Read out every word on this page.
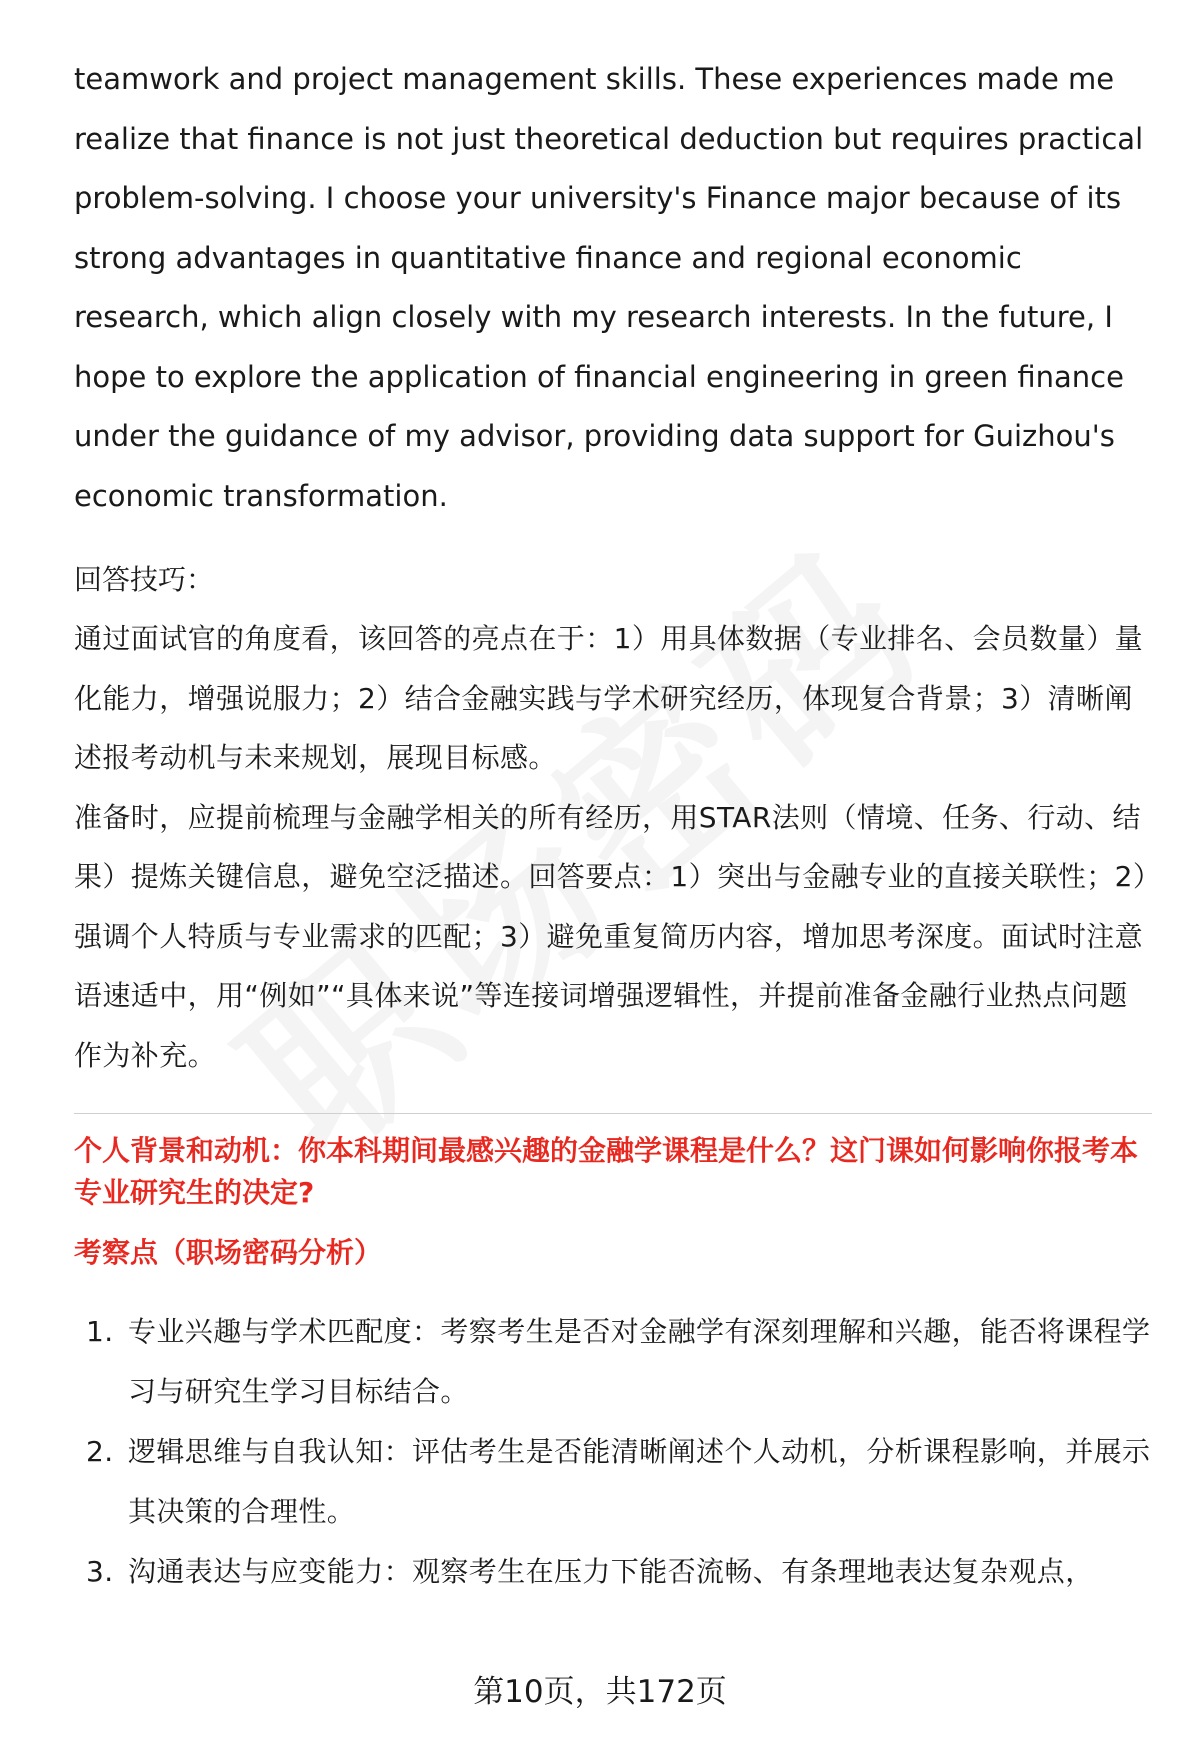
teamwork and project management skills. These experiences made me realize that finance is not just theoretical deduction but requires practical problem-solving. I choose your university's Finance major because of its strong advantages in quantitative finance and regional economic research, which align closely with my research interests. In the future, I hope to explore the application of financial engineering in green finance under the guidance of my advisor, providing data support for Guizhou's economic transformation.

回答技巧：

通过面试官的角度看，该回答的亮点在于：1）用具体数据（专业排名、会员数量）量化能力，增强说服力；2）结合金融实践与学术研究经历，体现复合背景；3）清晰阐述报考动机与未来规划，展现目标感。

准备时，应提前梳理与金融学相关的所有经历，用STAR法则（情境、任务、行动、结果）提炼关键信息，避免空泛描述。回答要点：1）突出与金融专业的直接关联性；2）强调个人特质与专业需求的匹配；3）避免重复简历内容，增加思考深度。面试时注意语速适中，用“例如”“具体来说”等连接词增强逻辑性，并提前准备金融行业热点问题作为补充。

个人背景和动机：你本科期间最感兴趣的金融学课程是什么？这门课如何影响你报考本专业研究生的决定?

考察点（职场密码分析）

1. 专业兴趣与学术匹配度：考察考生是否对金融学有深刻理解和兴趣，能否将课程学习与研究生学习目标结合。
2. 逻辑思维与自我认知：评估考生是否能清晰阐述个人动机，分析课程影响，并展示其决策的合理性。
3. 沟通表达与应变能力：观察考生在压力下能否流畅、有条理地表达复杂观点，
第10页，共172页
